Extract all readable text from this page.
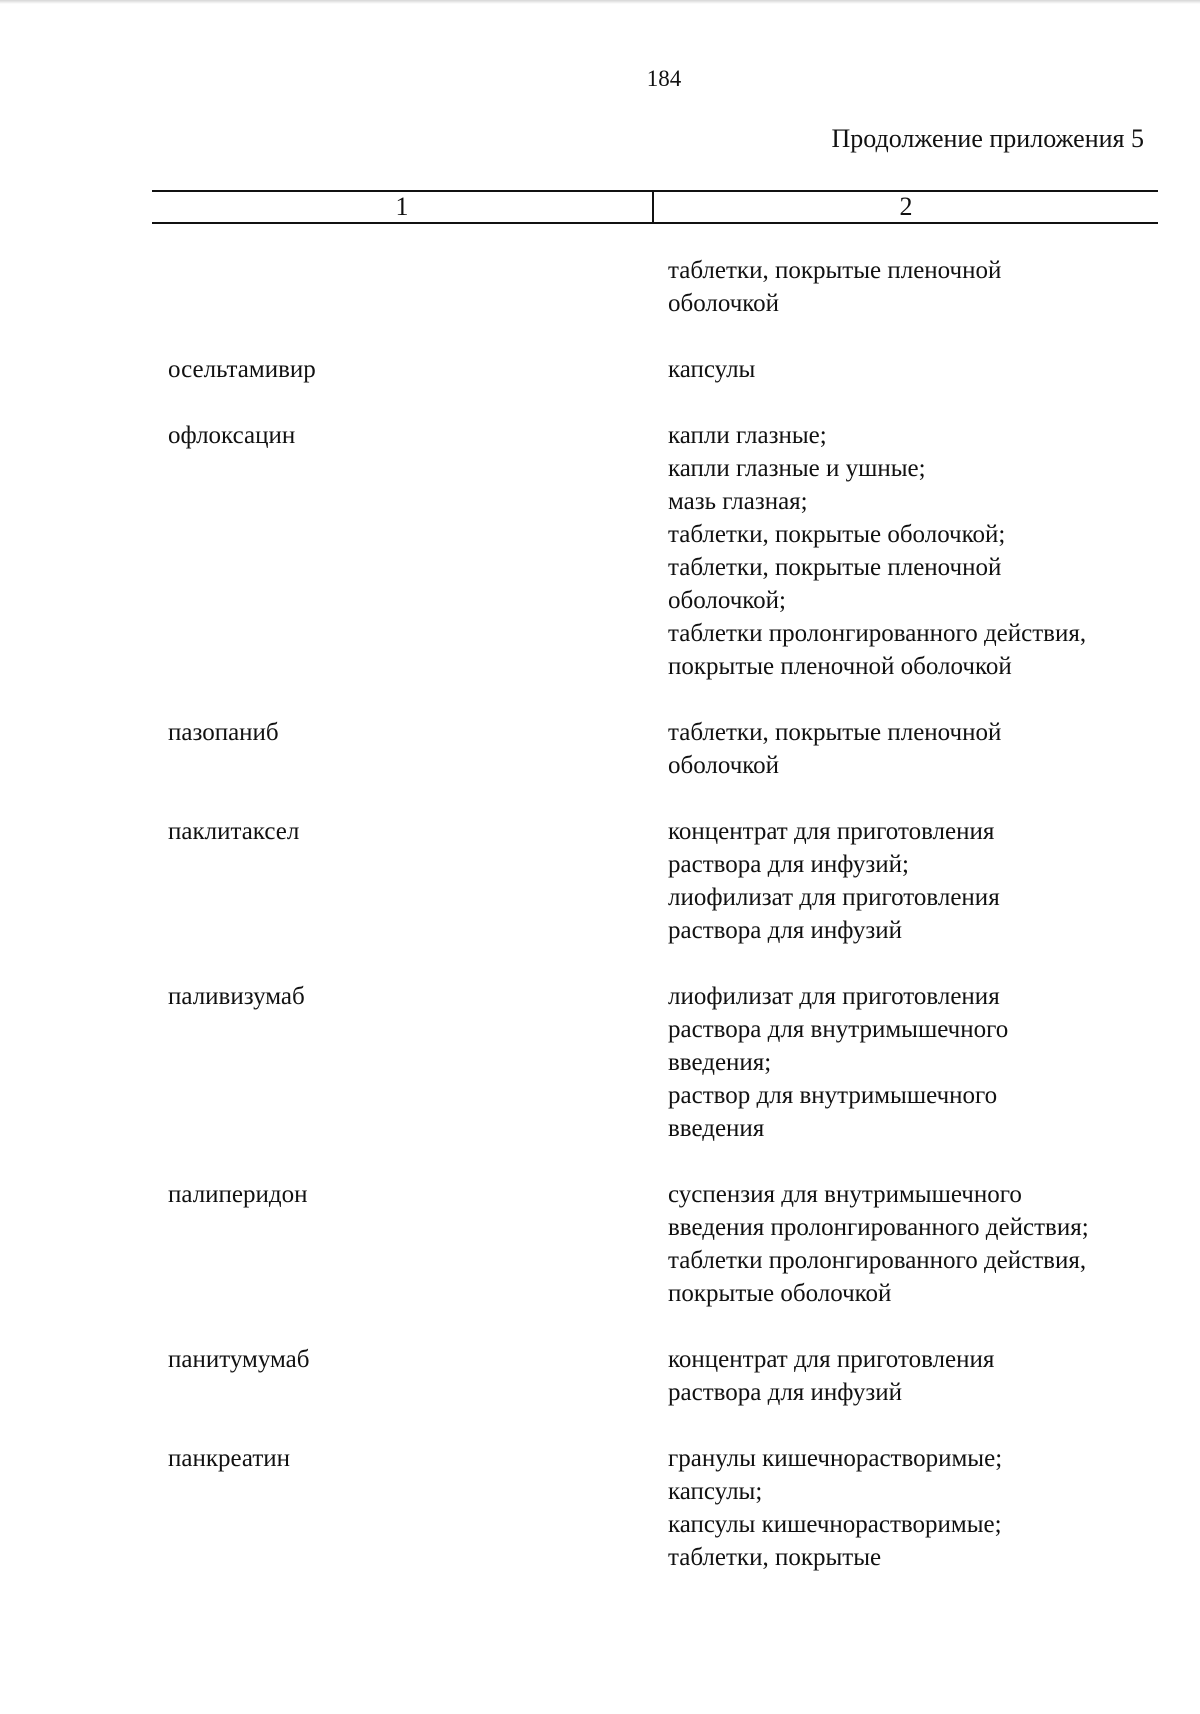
184
Продолжение приложения 5
1	2
таблетки, покрытые пленочной
оболочкой
осельтамивир	капсулы
офлоксацин	капли глазные;
капли глазные и ушные;
мазь глазная;
таблетки, покрытые оболочкой;
таблетки, покрытые пленочной
оболочкой;
таблетки пролонгированного действия,
покрытые пленочной оболочкой
пазопаниб	таблетки, покрытые пленочной
оболочкой
паклитаксел	концентрат для приготовления
раствора для инфузий;
лиофилизат для приготовления
раствора для инфузий
паливизумаб	лиофилизат для приготовления
раствора для внутримышечного
введения;
раствор для внутримышечного
введения
палиперидон	суспензия для внутримышечного
введения пролонгированного действия;
таблетки пролонгированного действия,
покрытые оболочкой
панитумумаб	концентрат для приготовления
раствора для инфузий
панкреатин	гранулы кишечнорастворимые;
капсулы;
капсулы кишечнорастворимые;
таблетки, покрытые
